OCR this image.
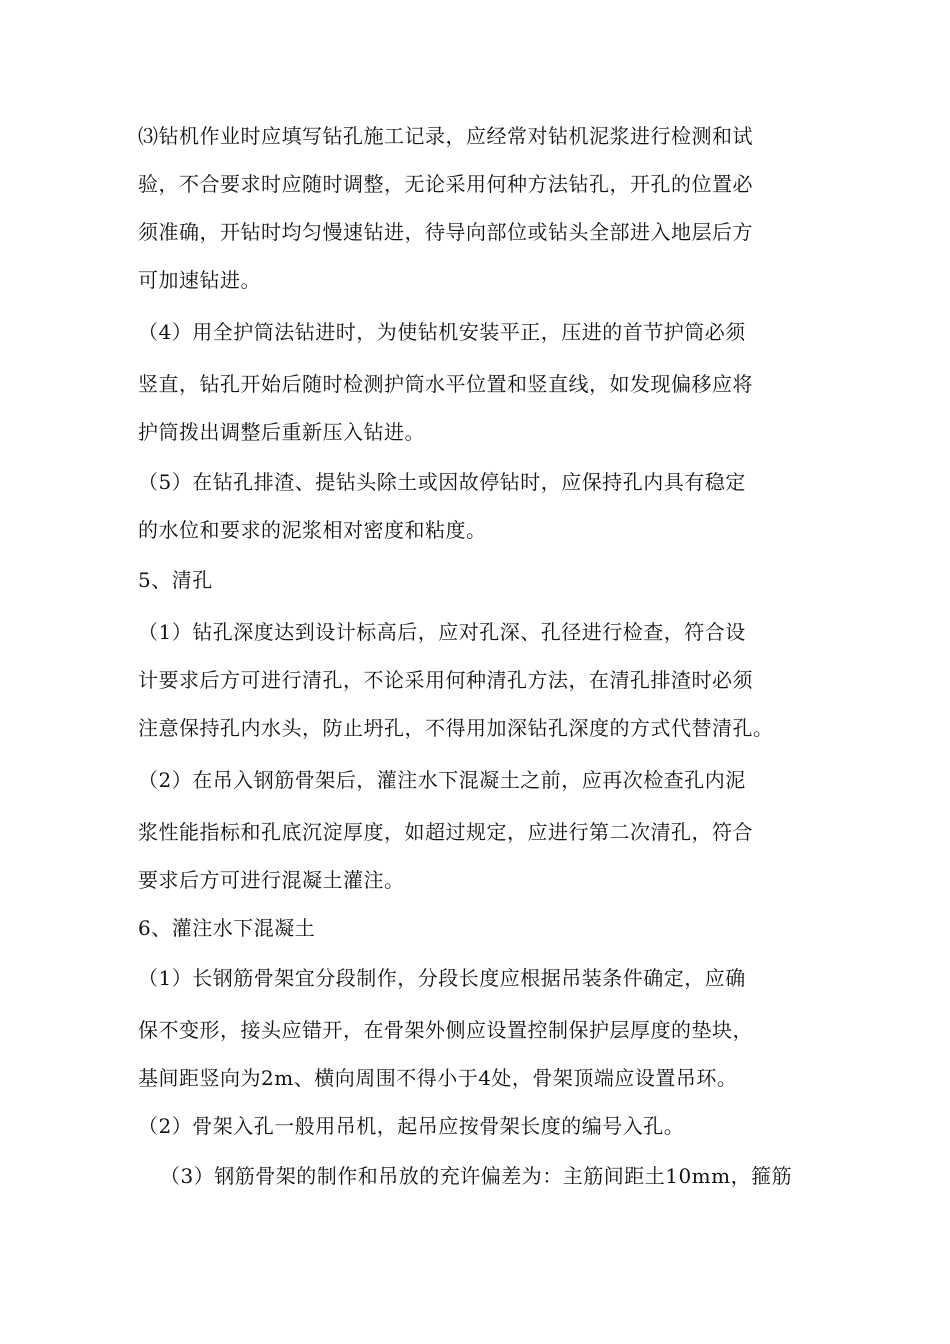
⑶钻机作业时应填写钻孔施工记录，应经常对钻机泥浆进行检测和试
验，不合要求时应随时调整，无论采用何种方法钻孔，开孔的位置必
须准确，开钻时均匀慢速钻进，待导向部位或钻头全部进入地层后方
可加速钻进。
（4）用全护筒法钻进时，为使钻机安装平正，压进的首节护筒必须
竖直，钻孔开始后随时检测护筒水平位置和竖直线，如发现偏移应将
护筒拨出调整后重新压入钻进。
（5）在钻孔排渣、提钻头除土或因故停钻时，应保持孔内具有稳定
的水位和要求的泥浆相对密度和粘度。
5、清孔
（1）钻孔深度达到设计标高后，应对孔深、孔径进行检查，符合设
计要求后方可进行清孔，不论采用何种清孔方法，在清孔排渣时必须
注意保持孔内水头，防止坍孔，不得用加深钻孔深度的方式代替清孔。
（2）在吊入钢筋骨架后，灌注水下混凝土之前，应再次检查孔内泥
浆性能指标和孔底沉淀厚度，如超过规定，应进行第二次清孔，符合
要求后方可进行混凝土灌注。
6、灌注水下混凝土
（1）长钢筋骨架宜分段制作，分段长度应根据吊装条件确定，应确
保不变形，接头应错开，在骨架外侧应设置控制保护层厚度的垫块，
基间距竖向为2m、横向周围不得小于4处，骨架顶端应设置吊环。
（2）骨架入孔一般用吊机，起吊应按骨架长度的编号入孔。
（3）钢筋骨架的制作和吊放的充许偏差为：主筋间距土10mm，箍筋
